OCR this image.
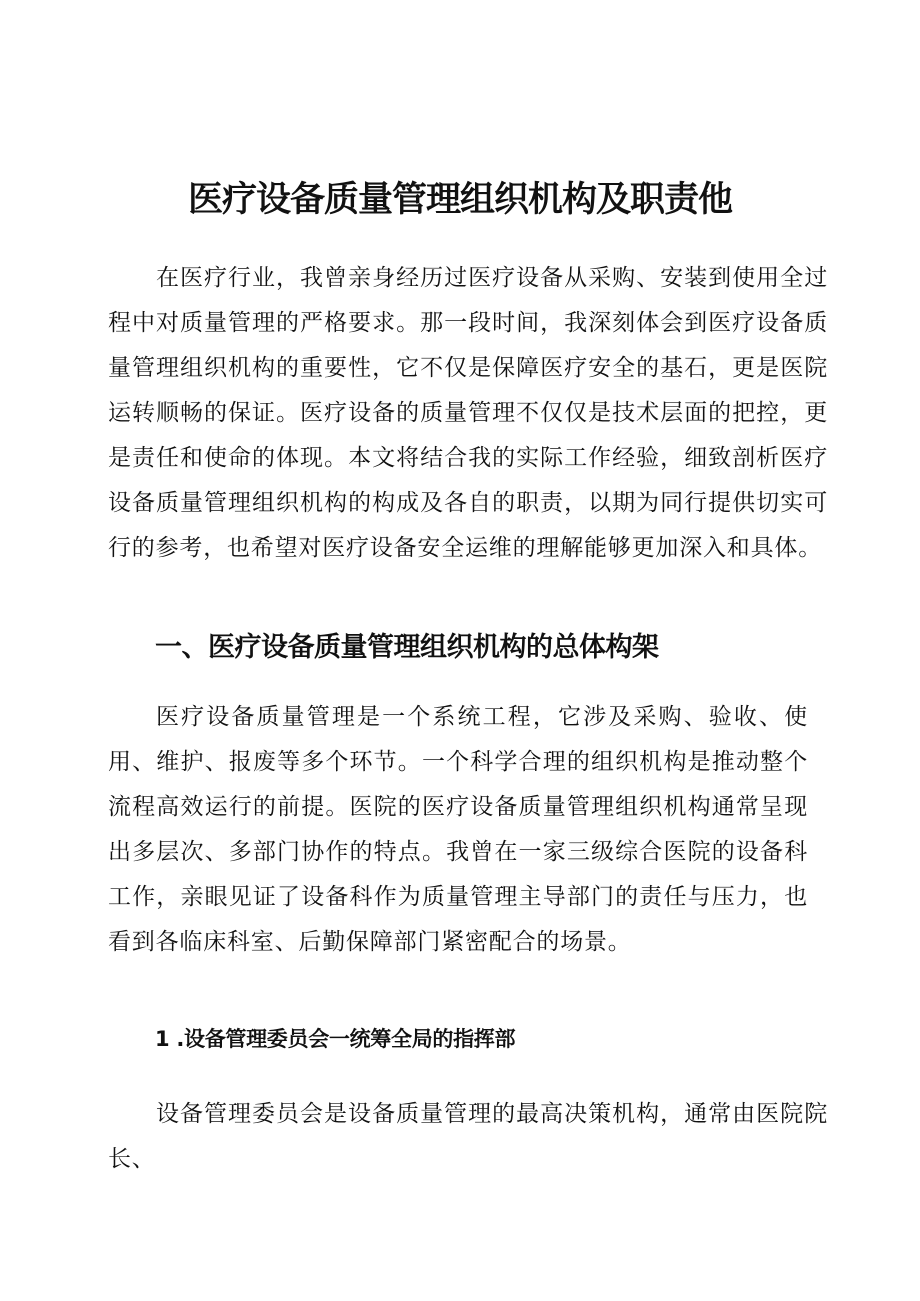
医疗设备质量管理组织机构及职责他

在医疗行业，我曾亲身经历过医疗设备从采购、安装到使用全过程中对质量管理的严格要求。那一段时间，我深刻体会到医疗设备质量管理组织机构的重要性，它不仅是保障医疗安全的基石，更是医院运转顺畅的保证。医疗设备的质量管理不仅仅是技术层面的把控，更是责任和使命的体现。本文将结合我的实际工作经验，细致剖析医疗设备质量管理组织机构的构成及各自的职责，以期为同行提供切实可行的参考，也希望对医疗设备安全运维的理解能够更加深入和具体。

一、医疗设备质量管理组织机构的总体构架

医疗设备质量管理是一个系统工程，它涉及采购、验收、使用、维护、报废等多个环节。一个科学合理的组织机构是推动整个流程高效运行的前提。医院的医疗设备质量管理组织机构通常呈现出多层次、多部门协作的特点。我曾在一家三级综合医院的设备科工作，亲眼见证了设备科作为质量管理主导部门的责任与压力，也看到各临床科室、后勤保障部门紧密配合的场景。

1 .设备管理委员会一统筹全局的指挥部

设备管理委员会是设备质量管理的最高决策机构，通常由医院院长、
